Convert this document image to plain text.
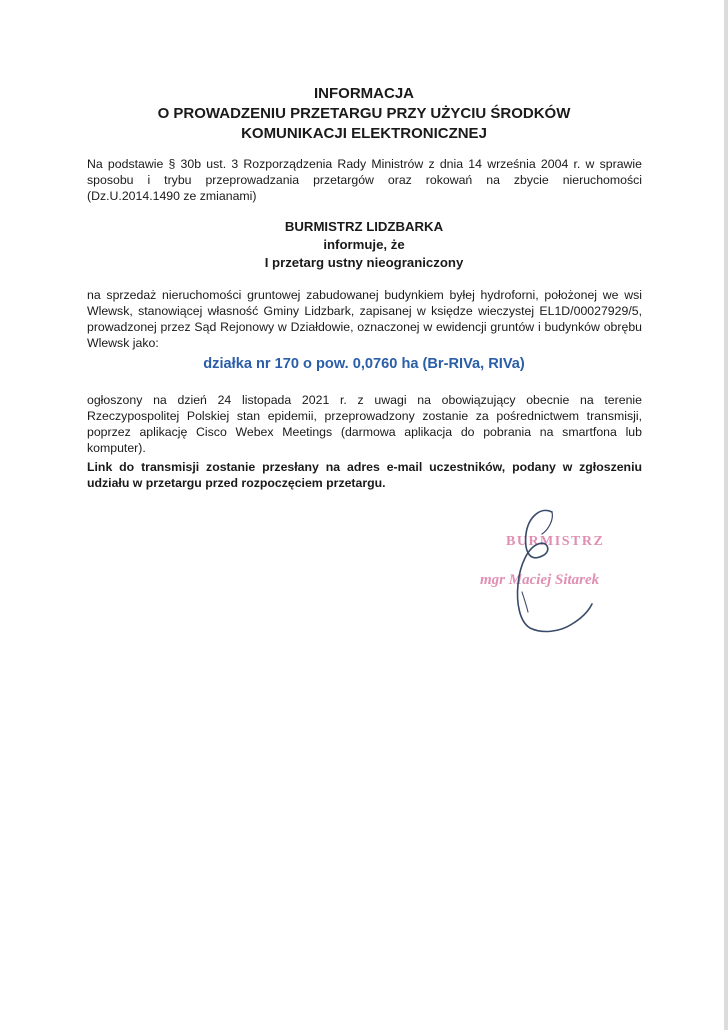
INFORMACJA
O PROWADZENIU PRZETARGU PRZY UŻYCIU ŚRODKÓW
KOMUNIKACJI ELEKTRONICZNEJ
Na podstawie § 30b ust. 3 Rozporządzenia Rady Ministrów z dnia 14 września 2004 r. w sprawie sposobu i trybu przeprowadzania przetargów oraz rokowań na zbycie nieruchomości (Dz.U.2014.1490 ze zmianami)
BURMISTRZ LIDZBARKA
informuje, że
I przetarg ustny nieograniczony
na sprzedaż nieruchomości gruntowej zabudowanej budynkiem byłej hydroforni, położonej we wsi Wlewsk, stanowiącej własność Gminy Lidzbark, zapisanej w księdze wieczystej EL1D/00027929/5, prowadzonej przez Sąd Rejonowy w Działdowie, oznaczonej w ewidencji gruntów i budynków obrębu Wlewsk jako:
działka nr 170 o pow. 0,0760 ha (Br-RIVa, RIVa)
ogłoszony na dzień 24 listopada 2021 r. z uwagi na obowiązujący obecnie na terenie Rzeczypospolitej Polskiej stan epidemii, przeprowadzony zostanie za pośrednictwem transmisji, poprzez aplikację Cisco Webex Meetings (darmowa aplikacja do pobrania na smartfona lub komputer).
Link do transmisji zostanie przesłany na adres e-mail uczestników, podany w zgłoszeniu udziału w przetargu przed rozpoczęciem przetargu.
BURMISTRZ
mgr Maciej Sitarek
